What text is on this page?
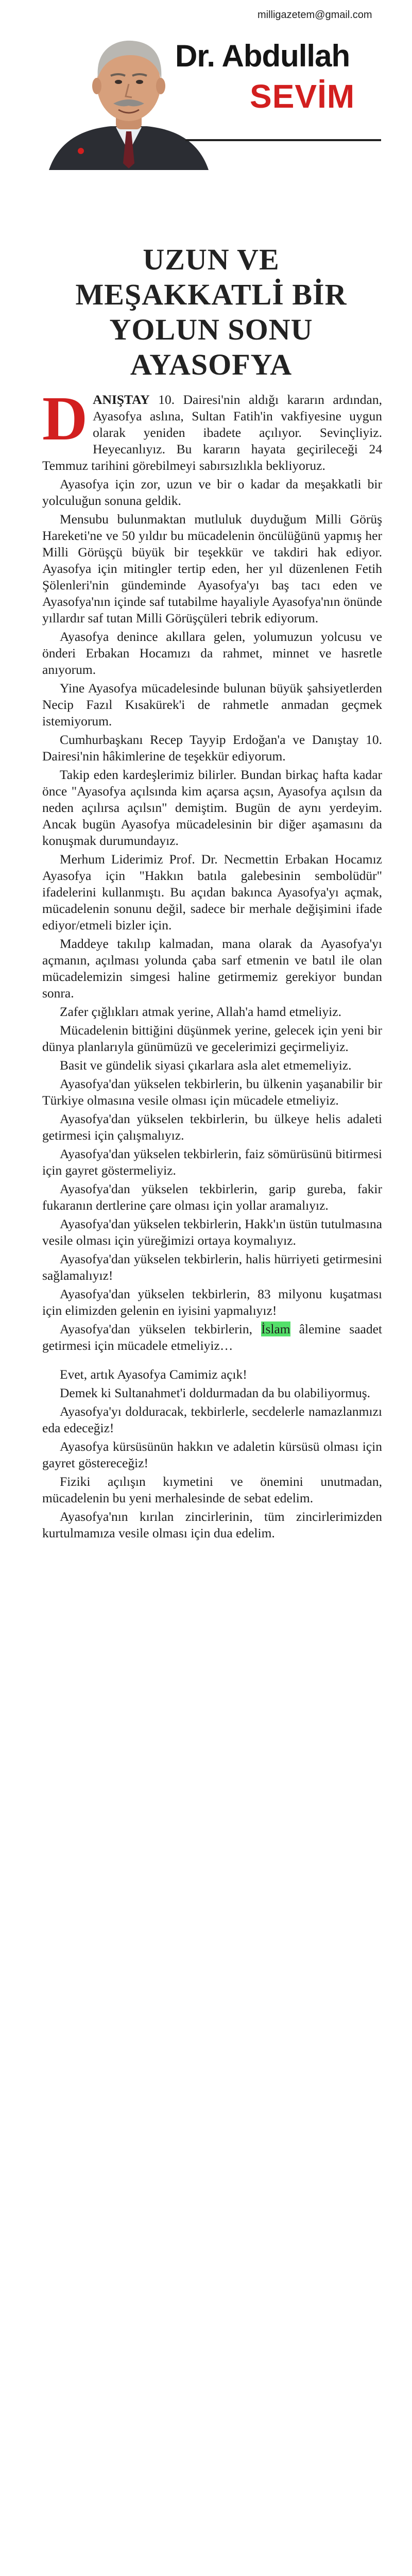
milligazetem@gmail.com
Dr. Abdullah
SEVİM
UZUN VE
MEŞAKKATLİ BİR
YOLUN SONU
AYASOFYA

DANIŞTAY 10. Dairesi'nin aldığı kararın ardından, Ayasofya aslına, Sultan Fatih'in vakfiyesine uygun olarak yeniden ibadete açılıyor. Sevinçliyiz. Heyecanlıyız. Bu kararın hayata geçirileceği 24 Temmuz tarihini görebilmeyi sabırsızlıkla bekliyoruz.

Ayasofya için zor, uzun ve bir o kadar da meşakkatli bir yolculuğun sonuna geldik.

Mensubu bulunmaktan mutluluk duyduğum Milli Görüş Hareketi'ne ve 50 yıldır bu mücadelenin öncülüğünü yapmış her Milli Görüşçü büyük bir teşekkür ve takdiri hak ediyor. Ayasofya için mitingler tertip eden, her yıl düzenlenen Fetih Şölenleri'nin gündeminde Ayasofya'yı baş tacı eden ve Ayasofya'nın içinde saf tutabilme hayaliyle Ayasofya'nın önünde yıllardır saf tutan Milli Görüşçüleri tebrik ediyorum.

Ayasofya denince akıllara gelen, yolumuzun yolcusu ve önderi Erbakan Hocamızı da rahmet, minnet ve hasretle anıyorum.

Yine Ayasofya mücadelesinde bulunan büyük şahsiyetlerden Necip Fazıl Kısakürek'i de rahmetle anmadan geçmek istemiyorum.

Cumhurbaşkanı Recep Tayyip Erdoğan'a ve Danıştay 10. Dairesi'nin hâkimlerine de teşekkür ediyorum.

Takip eden kardeşlerimiz bilirler. Bundan birkaç hafta kadar önce "Ayasofya açılsında kim açarsa açsın, Ayasofya açılsın da neden açılırsa açılsın" demiştim. Bugün de aynı yerdeyim. Ancak bugün Ayasofya mücadelesinin bir diğer aşamasını da konuşmak durumundayız.

Merhum Liderimiz Prof. Dr. Necmettin Erbakan Hocamız Ayasofya için "Hakkın batıla galebesinin sembolüdür" ifadelerini kullanmıştı. Bu açıdan bakınca Ayasofya'yı açmak, mücadelenin sonunu değil, sadece bir merhale değişimini ifade ediyor/etmeli bizler için.

Maddeye takılıp kalmadan, mana olarak da Ayasofya'yı açmanın, açılması yolunda çaba sarf etmenin ve batıl ile olan mücadelemizin simgesi haline getirmemiz gerekiyor bundan sonra.

Zafer çığlıkları atmak yerine, Allah'a hamd etmeliyiz.

Mücadelenin bittiğini düşünmek yerine, gelecek için yeni bir dünya planlarıyla günümüzü ve gecelerimizi geçirmeliyiz.

Basit ve gündelik siyasi çıkarlara asla alet etmemeliyiz.

Ayasofya'dan yükselen tekbirlerin, bu ülkenin yaşanabilir bir Türkiye olmasına vesile olması için mücadele etmeliyiz.

Ayasofya'dan yükselen tekbirlerin, bu ülkeye helis adaleti getirmesi için çalışmalıyız.

Ayasofya'dan yükselen tekbirlerin, faiz sömürüsünü bitirmesi için gayret göstermeliyiz.

Ayasofya'dan yükselen tekbirlerin, garip gureba, fakir fukaranın dertlerine çare olması için yollar aramalıyız.

Ayasofya'dan yükselen tekbirlerin, Hakk'ın üstün tutulmasına vesile olması için yüreğimizi ortaya koymalıyız.

Ayasofya'dan yükselen tekbirlerin, halis hürriyeti getirmesini sağlamalıyız!

Ayasofya'dan yükselen tekbirlerin, 83 milyonu kuşatması için elimizden gelenin en iyisini yapmalıyız!

Ayasofya'dan yükselen tekbirlerin, İslam âlemine saadet getirmesi için mücadele etmeliyiz…

Evet, artık Ayasofya Camimiz açık!

Demek ki Sultanahmet'i doldurmadan da bu olabiliyormuş.

Ayasofya'yı dolduracak, tekbirlerle, secdelerle namazlanmızı eda edeceğiz!

Ayasofya kürsüsünün hakkın ve adaletin kürsüsü olması için gayret göstereceğiz!

Fiziki açılışın kıymetini ve önemini unutmadan, mücadelenin bu yeni merhalesinde de sebat edelim.

Ayasofya'nın kırılan zincirlerinin, tüm zincirlerimizden kurtulmamıza vesile olması için dua edelim.
